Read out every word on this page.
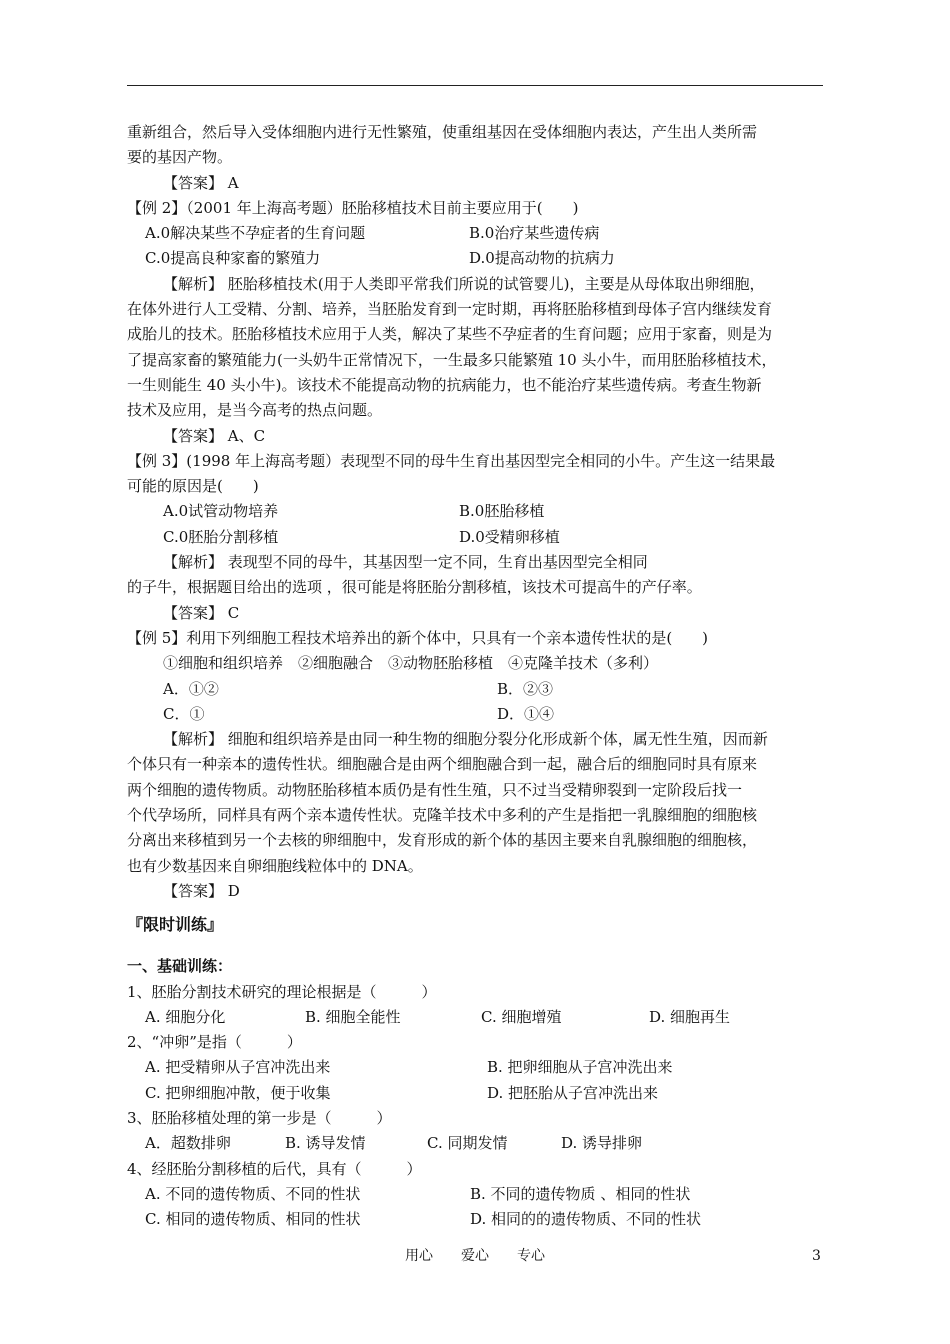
重新组合，然后导入受体细胞内进行无性繁殖，使重组基因在受体细胞内表达，产生出人类所需
要的基因产物。
【答案】 A
【例 2】（2001 年上海高考题）胚胎移植技术目前主要应用于(　　)
A.0解决某些不孕症者的生育问题	B.0治疗某些遗传病
C.0提高良种家畜的繁殖力	D.0提高动物的抗病力
【解析】 胚胎移植技术(用于人类即平常我们所说的试管婴儿)，主要是从母体取出卵细胞，
在体外进行人工受精、分割、培养，当胚胎发育到一定时期，再将胚胎移植到母体子宫内继续发育
成胎儿的技术。胚胎移植技术应用于人类，解决了某些不孕症者的生育问题；应用于家畜，则是为
了提高家畜的繁殖能力(一头奶牛正常情况下，一生最多只能繁殖 10 头小牛，而用胚胎移植技术，
一生则能生 40 头小牛)。该技术不能提高动物的抗病能力，也不能治疗某些遗传病。考查生物新
技术及应用，是当今高考的热点问题。
【答案】 A、C
【例 3】(1998 年上海高考题）表现型不同的母牛生育出基因型完全相同的小牛。产生这一结果最
可能的原因是(　　)
A.0试管动物培养	B.0胚胎移植
C.0胚胎分割移植	D.0受精卵移植
【解析】 表现型不同的母牛，其基因型一定不同，生育出基因型完全相同
的子牛，根据题目给出的选项 ，很可能是将胚胎分割移植，该技术可提高牛的产仔率。
【答案】 C
【例 5】利用下列细胞工程技术培养出的新个体中，只具有一个亲本遗传性状的是(　　)
①细胞和组织培养　②细胞融合　③动物胚胎移植　④克隆羊技术（多利）
A．①②	B．②③
C．①	D．①④
【解析】 细胞和组织培养是由同一种生物的细胞分裂分化形成新个体，属无性生殖，因而新
个体只有一种亲本的遗传性状。细胞融合是由两个细胞融合到一起，融合后的细胞同时具有原来
两个细胞的遗传物质。动物胚胎移植本质仍是有性生殖，只不过当受精卵裂到一定阶段后找一
个代孕场所，同样具有两个亲本遗传性状。克隆羊技术中多利的产生是指把一乳腺细胞的细胞核
分离出来移植到另一个去核的卵细胞中，发育形成的新个体的基因主要来自乳腺细胞的细胞核，
也有少数基因来自卵细胞线粒体中的 DNA。
【答案】 D
『限时训练』
一、基础训练：
1、胚胎分割技术研究的理论根据是（　　　）
A. 细胞分化	B. 细胞全能性	C. 细胞增殖	D. 细胞再生
2、“冲卵”是指（　　　）
A. 把受精卵从子宫冲洗出来	B. 把卵细胞从子宫冲洗出来
C. 把卵细胞冲散，便于收集	D. 把胚胎从子宫冲洗出来
3、胚胎移植处理的第一步是（　　　）
A．超数排卵	B. 诱导发情	C. 同期发情	D. 诱导排卵
4、经胚胎分割移植的后代，具有（　　　）
A. 不同的遗传物质、不同的性状	B. 不同的遗传物质 、相同的性状
C. 相同的遗传物质、相同的性状	D. 相同的的遗传物质、不同的性状
用心　　爱心　　专心	3
